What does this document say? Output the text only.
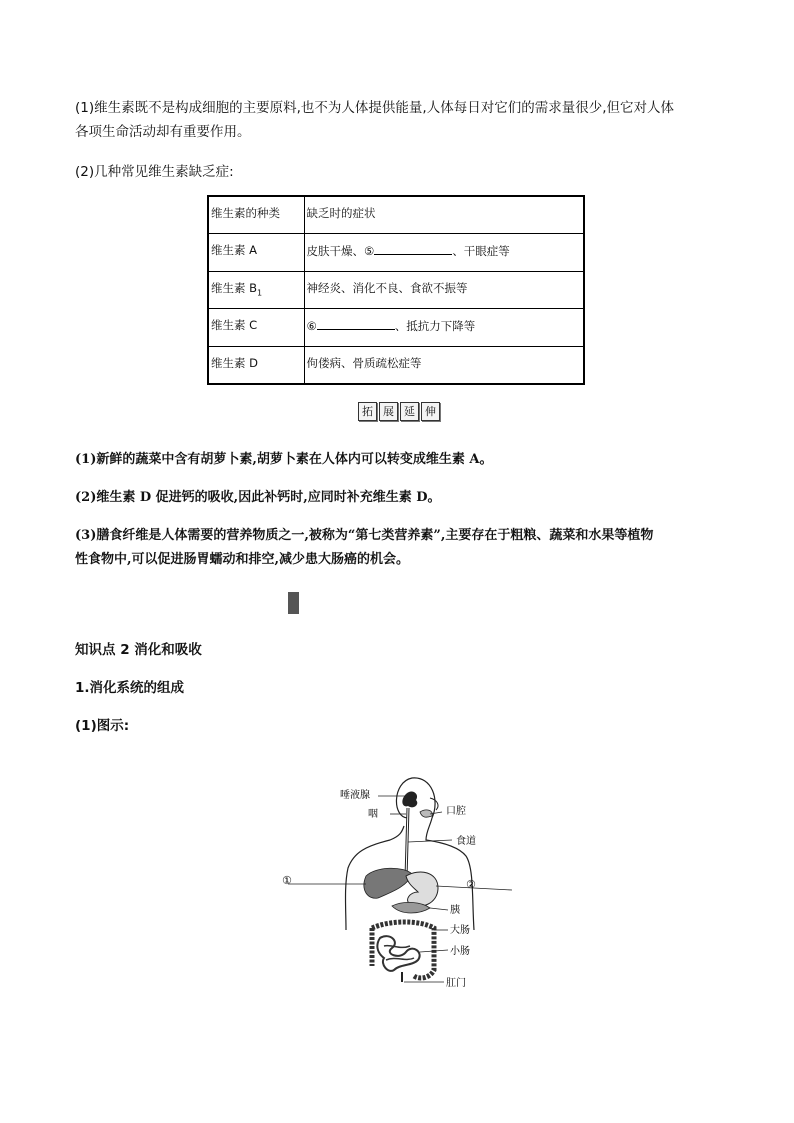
(1)维生素既不是构成细胞的主要原料,也不为人体提供能量,人体每日对它们的需求量很少,但它对人体
各项生命活动却有重要作用。
(2)几种常见维生素缺乏症:
维生素的种类	缺乏时的症状
维生素 A	皮肤干燥、⑤ 、干眼症等
维生素 $B_1$	神经炎、消化不良、食欲不振等
维生素 C	⑥ 、抵抗力下降等
维生素 D	佝偻病、骨质疏松症等
拓 展 延 伸
(1)新鲜的蔬菜中含有胡萝卜素,胡萝卜素在人体内可以转变成维生素 A。
(2)维生素 D 促进钙的吸收,因此补钙时,应同时补充维生素 D。
(3)膳食纤维是人体需要的营养物质之一,被称为“第七类营养素”,主要存在于粗粮、蔬菜和水果等植物
性食物中,可以促进肠胃蠕动和排空,减少患大肠癌的机会。
知识点 2 消化和吸收
1.消化系统的组成
(1)图示:
唾液腺
咽	口腔
食道
①	②
胰
大肠
小肠
肛门
